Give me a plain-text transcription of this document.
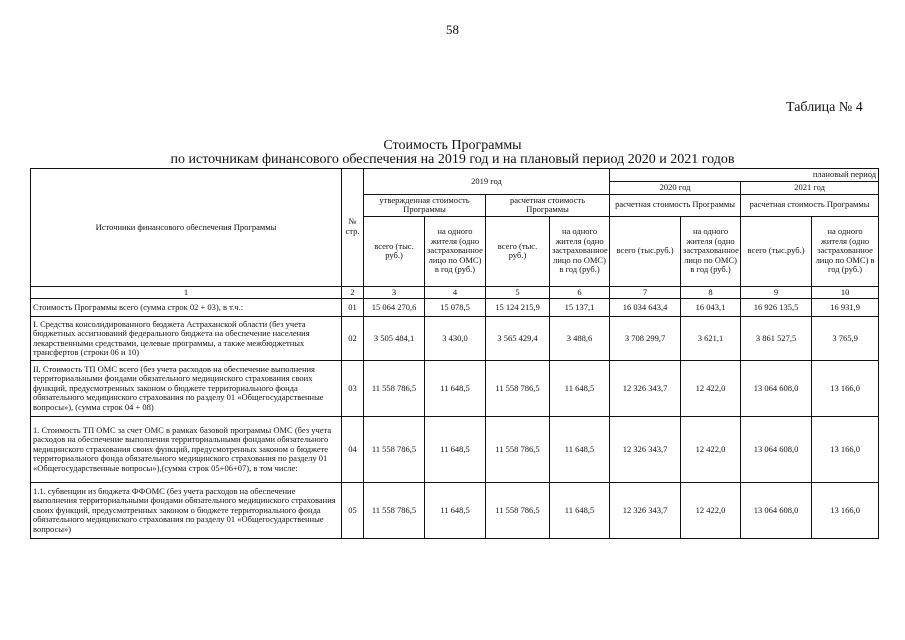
58
Таблица № 4
Стоимость Программы
по источникам финансового обеспечения на 2019 год и на плановый период 2020 и 2021 годов
Источники финансового обеспечения Программы	№ стр.	2019 год				плановый период			
						2020 год		2021 год	
		утвержденная стоимость Программы		расчетная стоимость Программы		расчетная стоимость Программы		расчетная стоимость Программы	
		всего (тыс. руб.)	на одного жителя (одно застрахованное лицо по ОМС) в год (руб.)	всего (тыс. руб.)	на одного жителя (одно застрахованное лицо по ОМС) в год (руб.)	всего (тыс.руб.)	на одного жителя (одно застрахованное лицо по ОМС) в год (руб.)	всего (тыс.руб.)	на одного жителя (одно застрахованное лицо по ОМС) в год (руб.)
1	2	3	4	5	6	7	8	9	10
Стоимость Программы всего (сумма строк 02 + 03), в т.ч.:	01	15 064 270,6	15 078,5	15 124 215,9	15 137,1	16 034 643,4	16 043,1	16 926 135,5	16 931,9
I. Средства консолидированного бюджета Астраханской области (без учета бюджетных ассигнований федерального бюджета на обеспечение населения лекарственными средствами, целевые программы, а также межбюджетных трансфертов (строки 06 и 10)	02	3 505 484,1	3 430,0	3 565 429,4	3 488,6	3 708 299,7	3 621,1	3 861 527,5	3 765,9
II. Стоимость ТП ОМС всего (без учета расходов на обеспечение выполнения территориальными фондами обязательного медицинского страхования своих функций, предусмотренных законом о бюджете территориального фонда обязательного медицинского страхования по разделу 01 «Общегосударственные вопросы»), (сумма строк 04 + 08)	03	11 558 786,5	11 648,5	11 558 786,5	11 648,5	12 326 343,7	12 422,0	13 064 608,0	13 166,0
1. Стоимость ТП ОМС за счет ОМС в рамках базовой программы ОМС (без учета расходов на обеспечение выполнения территориальными фондами обязательного медицинского страхования своих функций, предусмотренных законом о бюджете территориального фонда обязательного медицинского страхования по разделу 01 «Общегосударственные вопросы»),(сумма строк 05+06+07), в том числе:	04	11 558 786,5	11 648,5	11 558 786,5	11 648,5	12 326 343,7	12 422,0	13 064 608,0	13 166,0
1.1. субвенции из бюджета ФФОМС (без учета расходов на обеспечение выполнения территориальными фондами обязательного медицинского страхования своих функций, предусмотренных законом о бюджете территориального фонда обязательного медицинского страхования по разделу 01 «Общегосударственные вопросы»)	05	11 558 786,5	11 648,5	11 558 786,5	11 648,5	12 326 343,7	12 422,0	13 064 608,0	13 166,0
